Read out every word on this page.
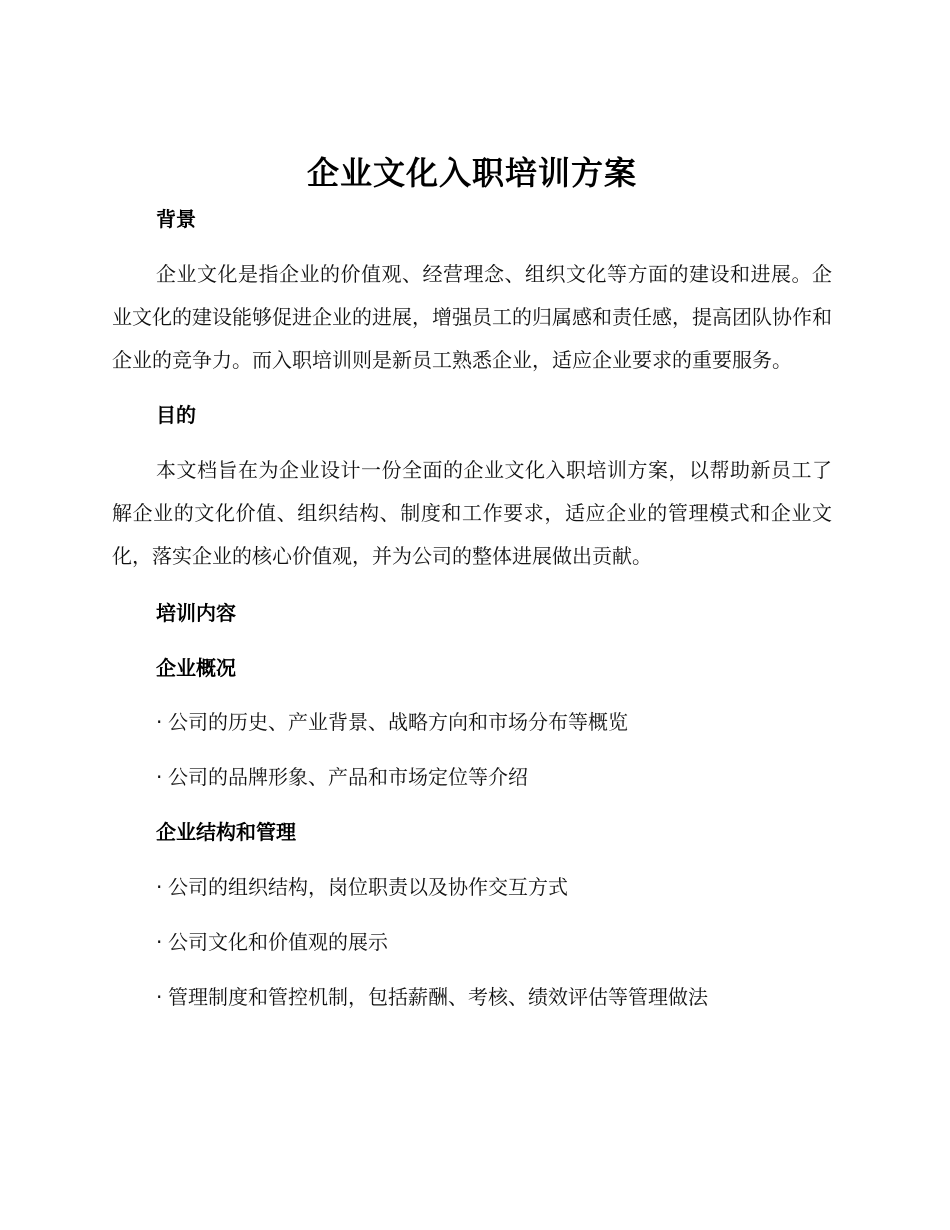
企业文化入职培训方案
背景

企业文化是指企业的价值观、经营理念、组织文化等方面的建设和进展。企业文化的建设能够促进企业的进展，增强员工的归属感和责任感，提高团队协作和企业的竞争力。而入职培训则是新员工熟悉企业，适应企业要求的重要服务。

目的

本文档旨在为企业设计一份全面的企业文化入职培训方案，以帮助新员工了解企业的文化价值、组织结构、制度和工作要求，适应企业的管理模式和企业文化，落实企业的核心价值观，并为公司的整体进展做出贡献。

培训内容
企业概况

· 公司的历史、产业背景、战略方向和市场分布等概览

· 公司的品牌形象、产品和市场定位等介绍

企业结构和管理

· 公司的组织结构，岗位职责以及协作交互方式

· 公司文化和价值观的展示

· 管理制度和管控机制，包括薪酬、考核、绩效评估等管理做法
